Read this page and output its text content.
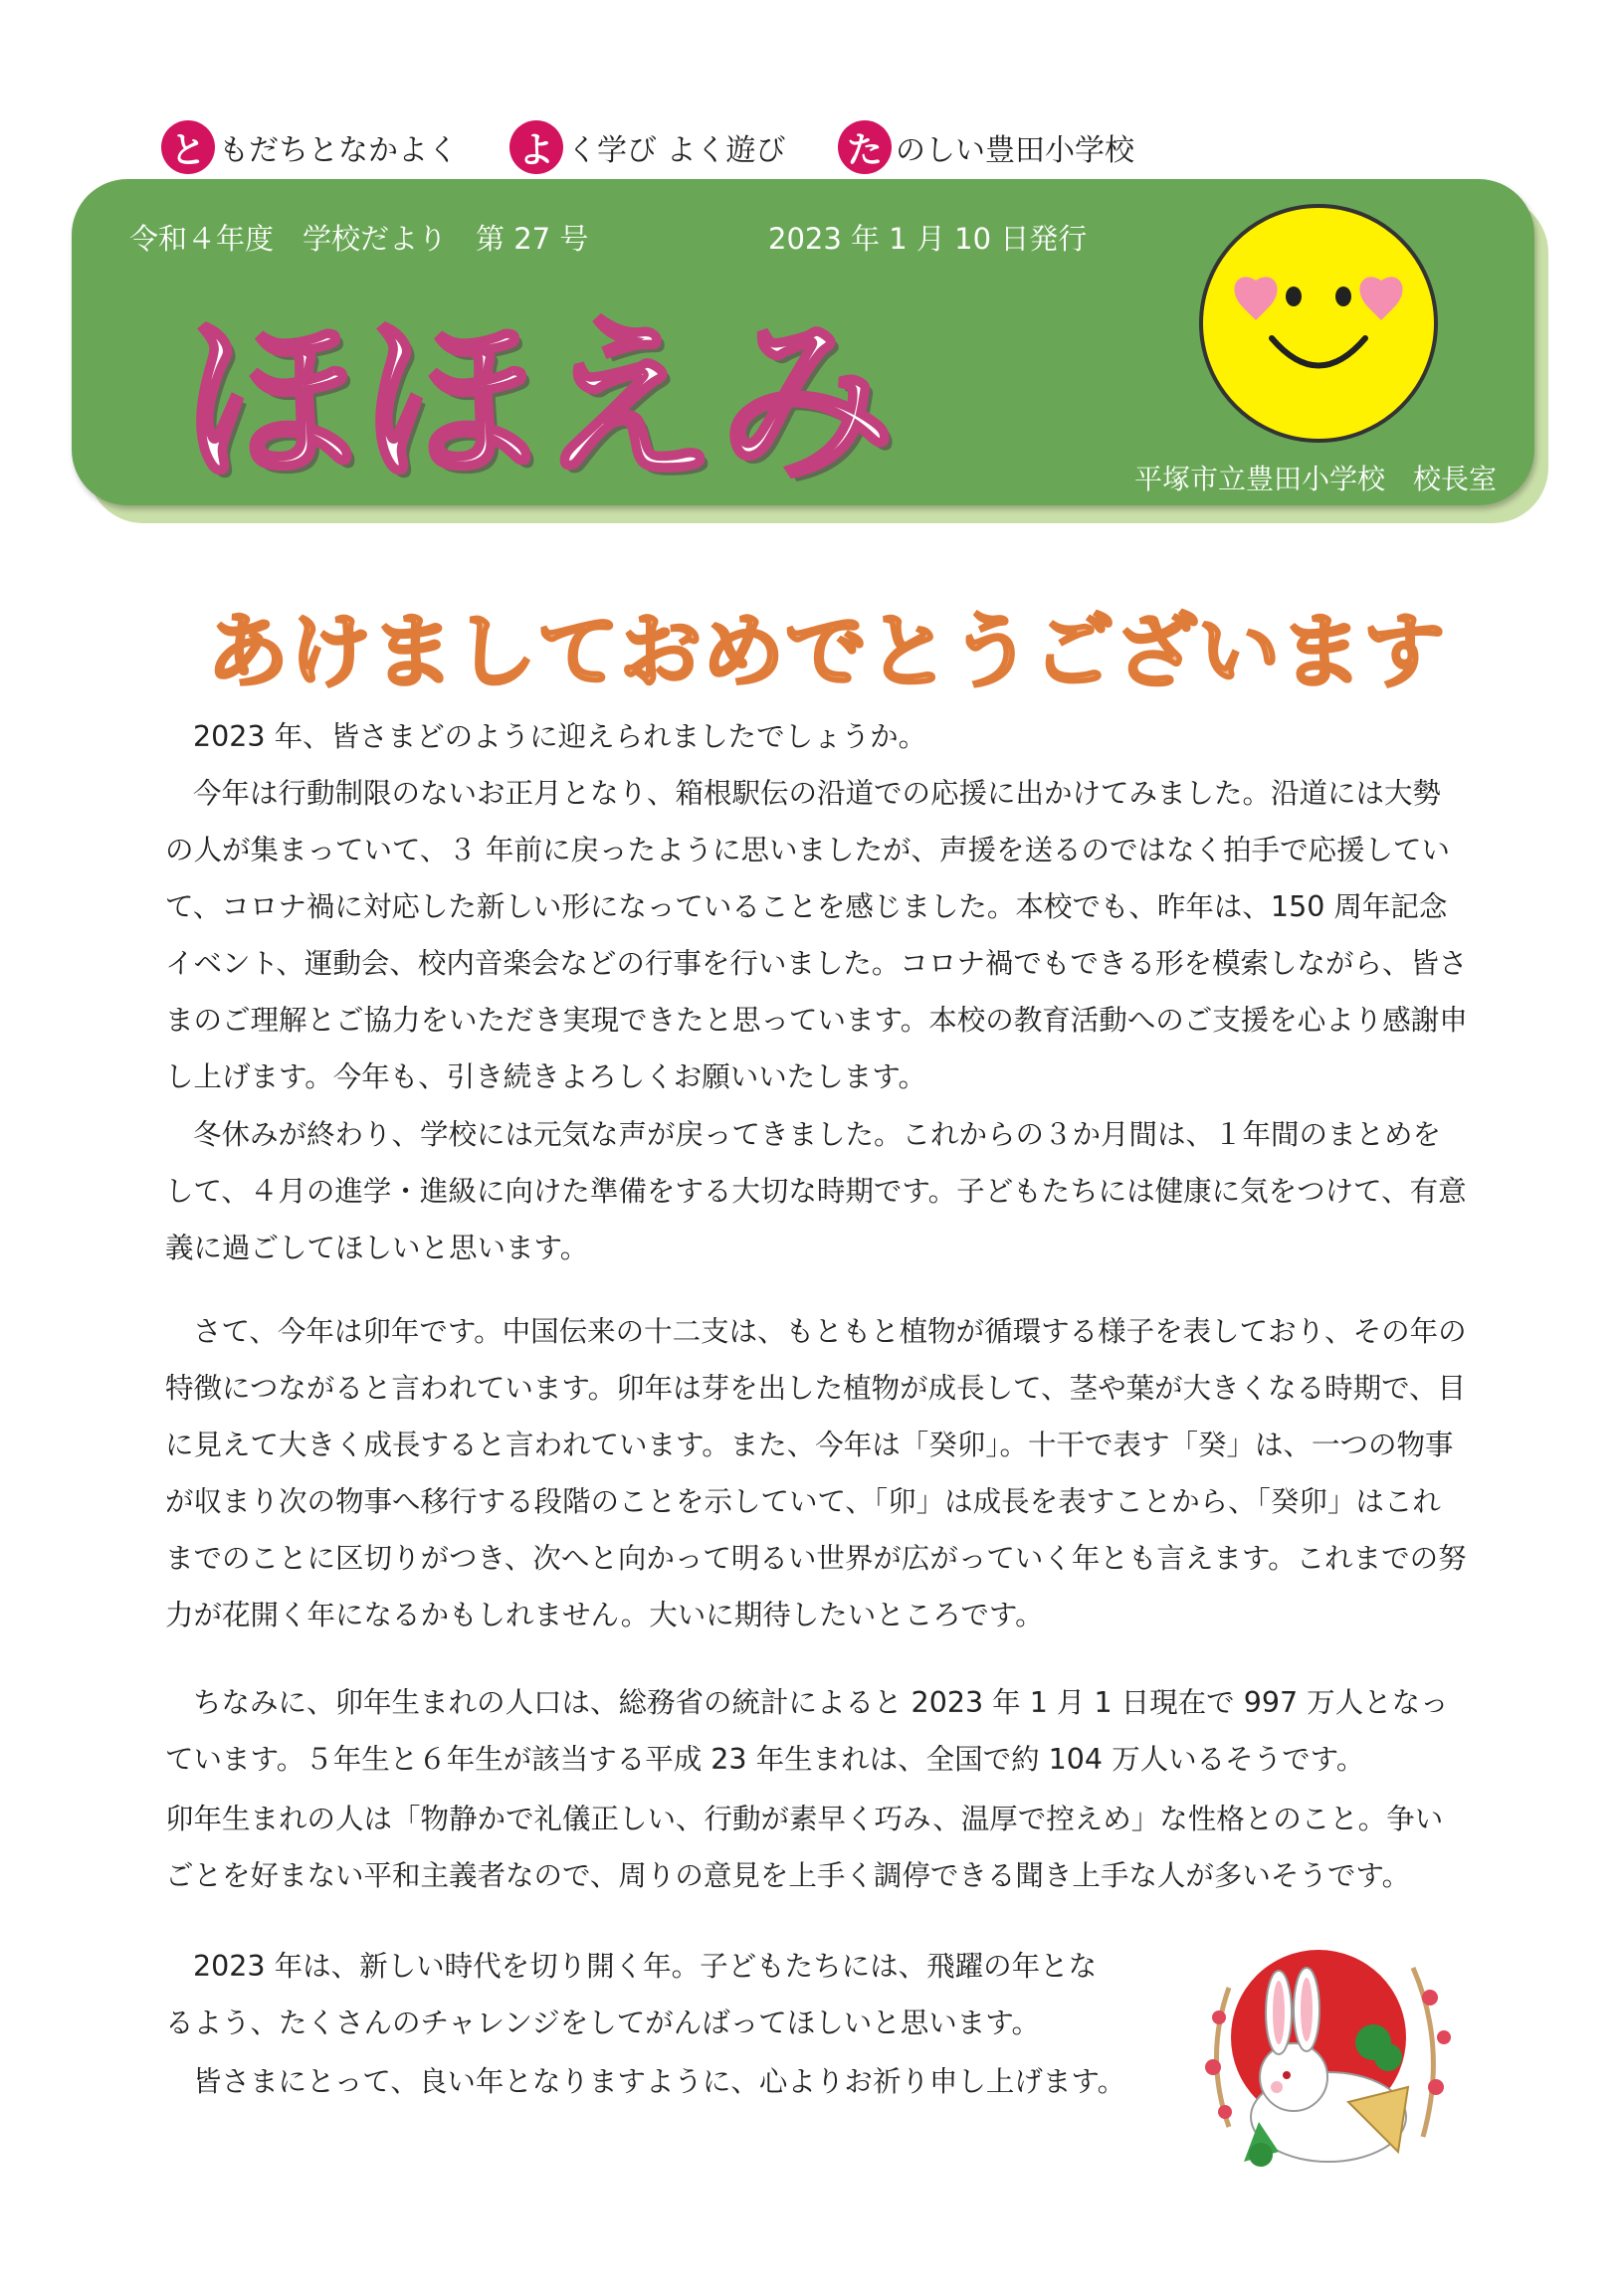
と もだちとなかよく よ く学び よく遊び た のしい豊田小学校
令和４年度　学校だより　第 27 号	2023 年 1 月 10 日発行
ほほえみ	平塚市立豊田小学校　校長室
あけましておめでとうございます
2023 年、皆さまどのように迎えられましたでしょうか。
今年は行動制限のないお正月となり、箱根駅伝の沿道での応援に出かけてみました。沿道には大勢の人が集まっていて、３ 年前に戻ったように思いましたが、声援を送るのではなく拍手で応援していて、コロナ禍に対応した新しい形になっていることを感じました。本校でも、昨年は、150 周年記念イベント、運動会、校内音楽会などの行事を行いました。コロナ禍でもできる形を模索しながら、皆さまのご理解とご協力をいただき実現できたと思っています。本校の教育活動へのご支援を心より感謝申し上げます。今年も、引き続きよろしくお願いいたします。
冬休みが終わり、学校には元気な声が戻ってきました。これからの３か月間は、１年間のまとめをして、４月の進学・進級に向けた準備をする大切な時期です。子どもたちには健康に気をつけて、有意義に過ごしてほしいと思います。
さて、今年は卯年です。中国伝来の十二支は、もともと植物が循環する様子を表しており、その年の特徴につながると言われています。卯年は芽を出した植物が成長して、茎や葉が大きくなる時期で、目に見えて大きく成長すると言われています。また、今年は「癸卯」。十干で表す「癸」は、一つの物事が収まり次の物事へ移行する段階のことを示していて、「卯」は成長を表すことから、「癸卯」はこれまでのことに区切りがつき、次へと向かって明るい世界が広がっていく年とも言えます。これまでの努力が花開く年になるかもしれません。大いに期待したいところです。
ちなみに、卯年生まれの人口は、総務省の統計によると 2023 年 1 月 1 日現在で 997 万人となっています。５年生と６年生が該当する平成 23 年生まれは、全国で約 104 万人いるそうです。
卯年生まれの人は「物静かで礼儀正しい、行動が素早く巧み、温厚で控えめ」な性格とのこと。争いごとを好まない平和主義者なので、周りの意見を上手く調停できる聞き上手な人が多いそうです。
2023 年は、新しい時代を切り開く年。子どもたちには、飛躍の年となるよう、たくさんのチャレンジをしてがんばってほしいと思います。
皆さまにとって、良い年となりますように、心よりお祈り申し上げます。
